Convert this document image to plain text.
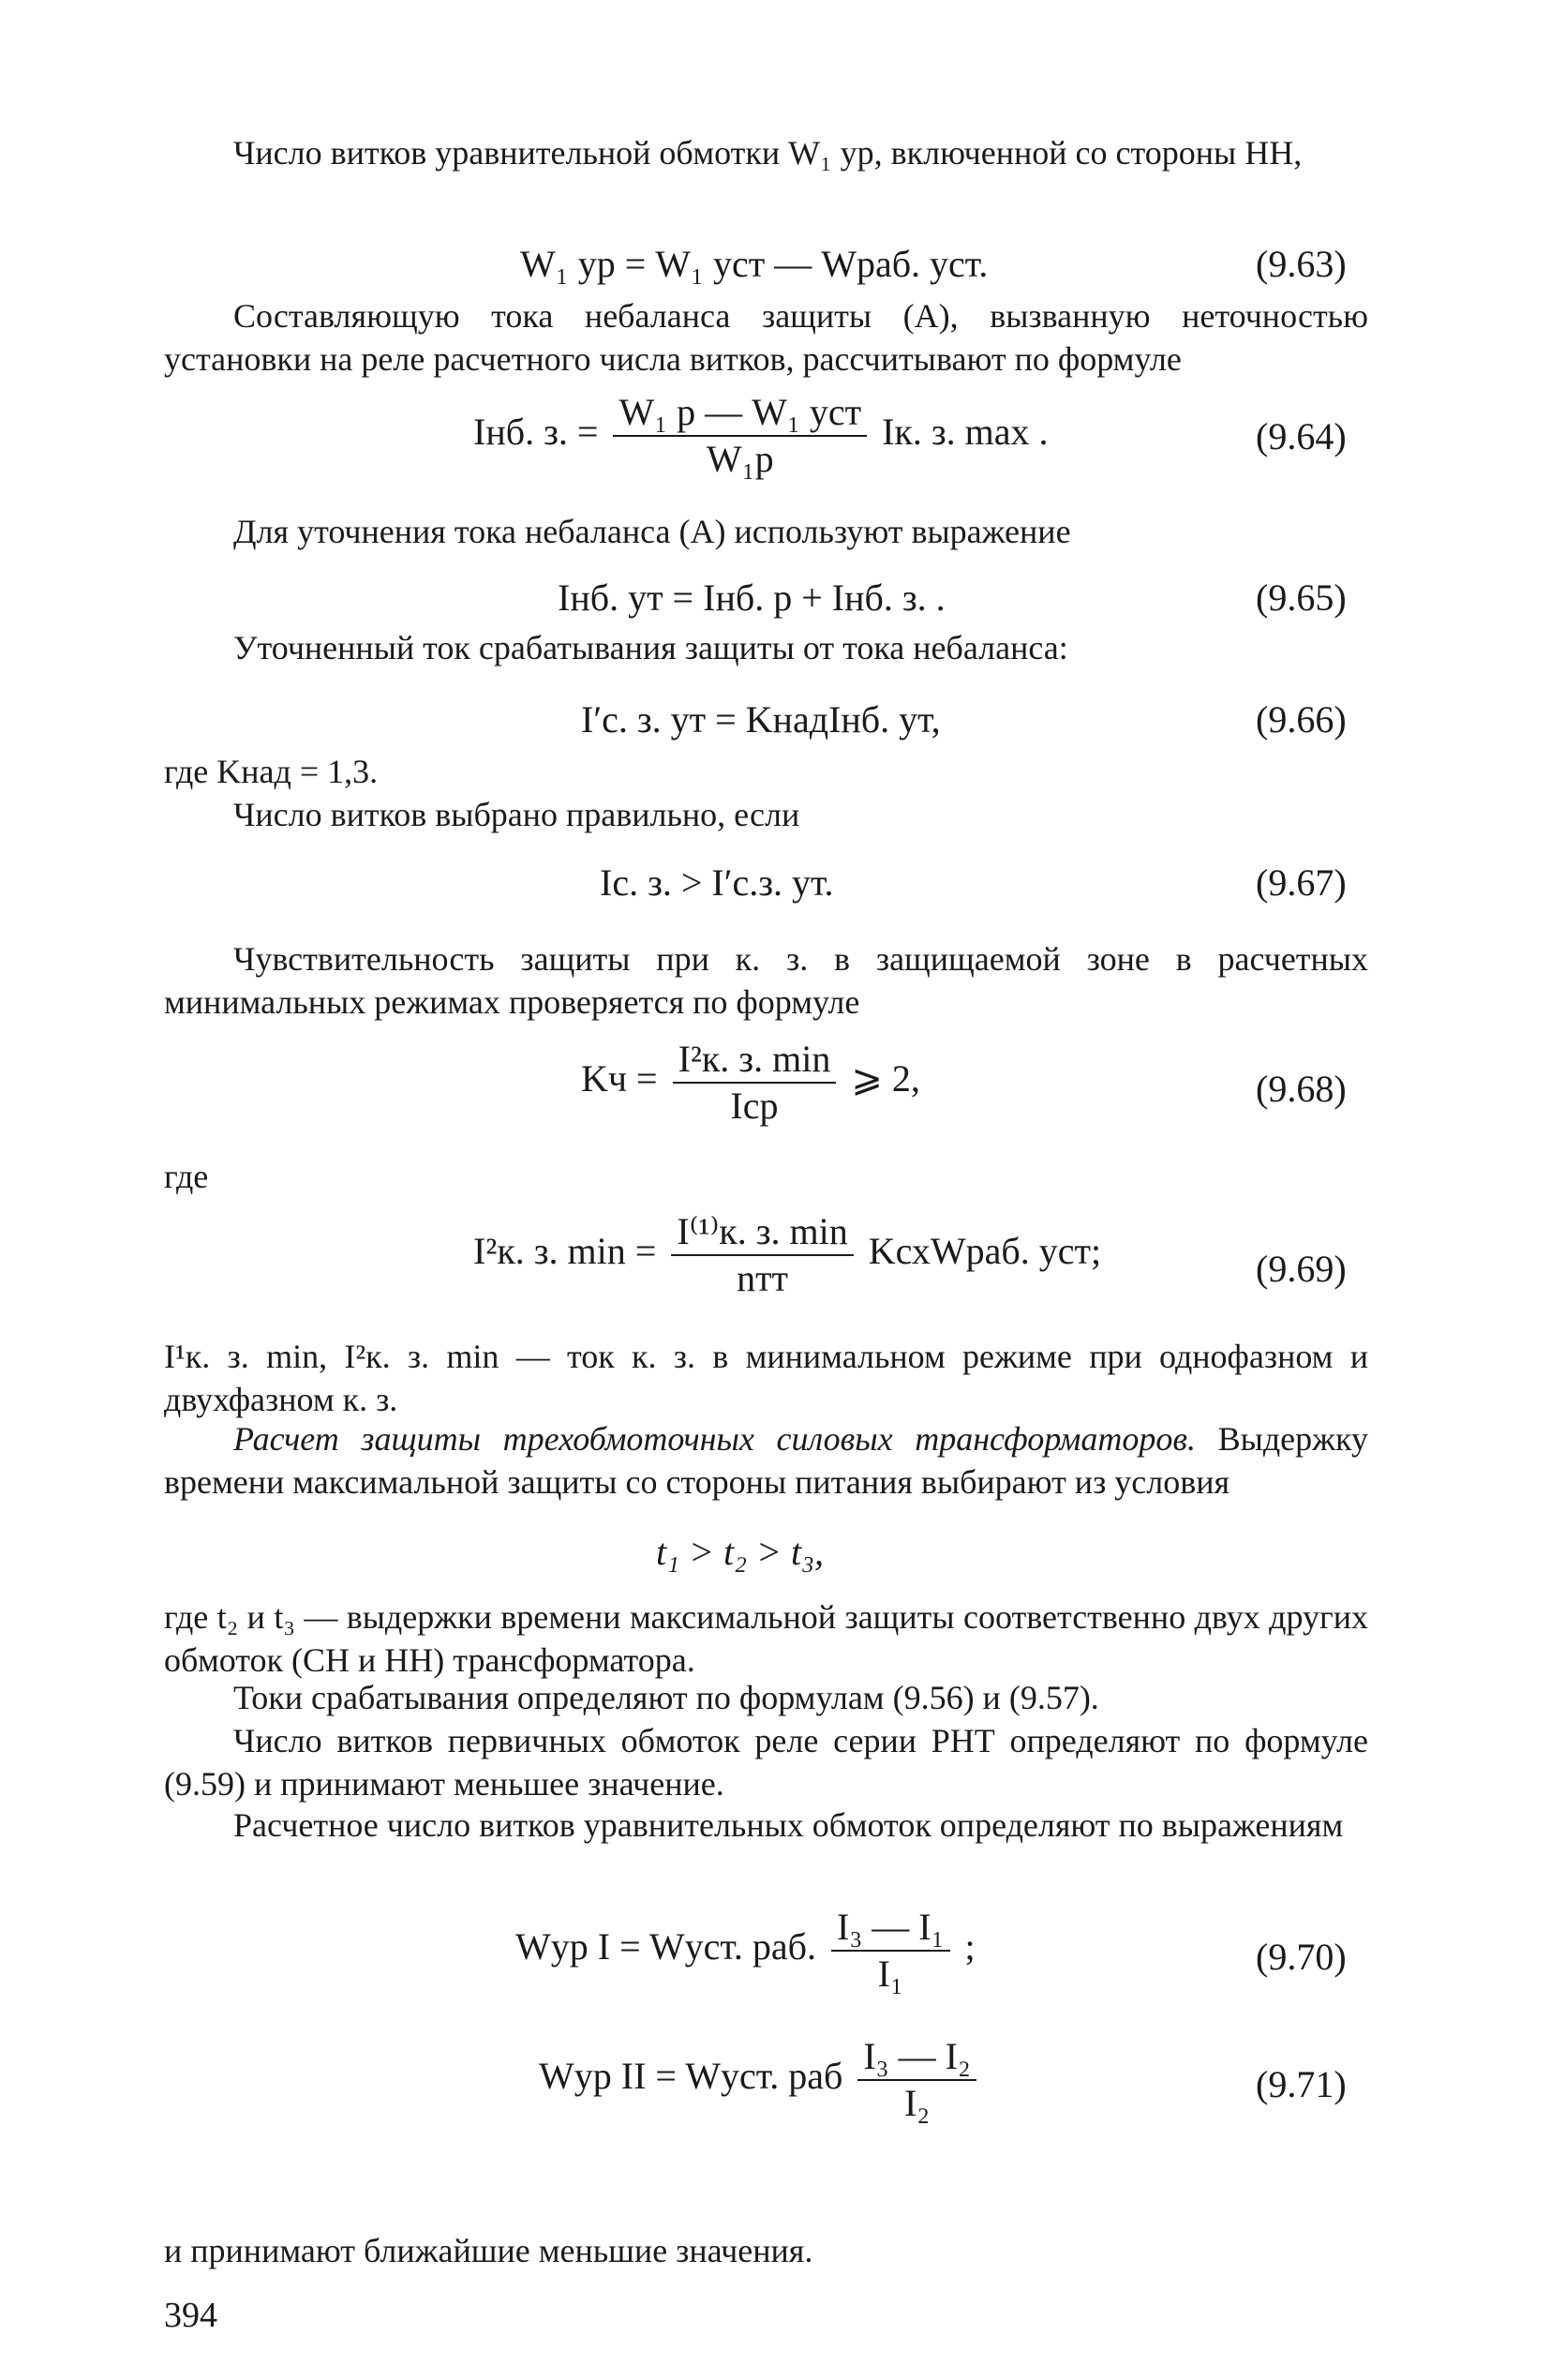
Число витков уравнительной обмотки W₁ ур, включенной со стороны НН,

W₁ ур = W₁ уст — Wраб. уст.	(9.63)

Составляющую тока небаланса защиты (А), вызванную неточностью установки на реле расчетного числа витков, рассчитывают по формуле

Iнб. з. = $\frac{\text{W₁ р — W₁ уст}}{\text{W₁р}}$ Iк. з. max .	(9.64)

Для уточнения тока небаланса (А) используют выражение

Iнб. ут = Iнб. р + Iнб. з. .	(9.65)

Уточненный ток срабатывания защиты от тока небаланса:

I′с. з. ут = KнадIнб. ут,	(9.66)

где Kнад = 1,3.

Число витков выбрано правильно, если

Iс. з. > I′с.з. ут.	(9.67)

Чувствительность защиты при к. з. в защищаемой зоне в расчетных минимальных режимах проверяется по формуле

Kч = $\frac{\text{I²к. з. min}}{\text{Iср}}$ ⩾ 2,	(9.68)

где

I²к. з. $\min = \frac{\text{I⁽¹⁾к. з. min}}{\text{nтт}}$ KсхWраб. уст;	(9.69)

I¹к. з. min, I²к. з. min — ток к. з. в минимальном режиме при однофазном и двухфазном к. з.

Расчет защиты трехобмоточных силовых трансформаторов. Выдержку времени максимальной защиты со стороны питания выбирают из условия

t₁ > t₂ > t₃,

где t₂ и t₃ — выдержки времени максимальной защиты соответственно двух других обмоток (СН и НН) трансформатора.

Токи срабатывания определяют по формулам (9.56) и (9.57).

Число витков первичных обмоток реле серии РНТ определяют по формуле (9.59) и принимают меньшее значение.

Расчетное число витков уравнительных обмоток определяют по выражениям

Wур I = Wуст. раб. $\frac{\text{I₃ — I₁}}{\text{I₁}}$ ;	(9.70)
Wур II = Wуст. раб $\frac{\text{I₃ — I₂}}{\text{I₂}}$	(9.71)

и принимают ближайшие меньшие значения.

394
